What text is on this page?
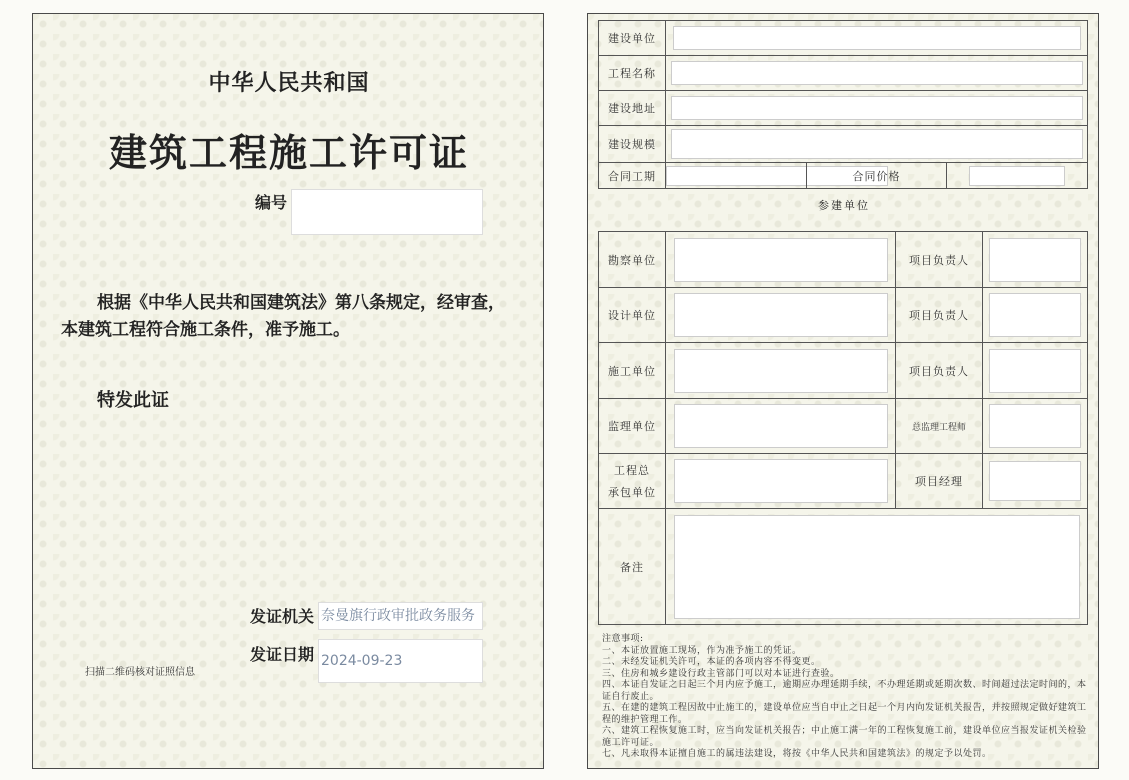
中华人民共和国
建筑工程施工许可证
编号
根据《中华人民共和国建筑法》第八条规定，经审查，本建筑工程符合施工条件，准予施工。
特发此证
发证机关 奈曼旗行政审批政务服务
发证日期 2024-09-23
扫描二维码核对证照信息
建设单位			

工程名称			

建设地址			

建设规模			

合同工期		合同价格	
参建单位
勘察单位		项目负责人	

设计单位		项目负责人	

施工单位		项目负责人	

监理单位		总监理工程师	

工程总
承包单位		项目经理	

备注			
注意事项:
一、本证放置施工现场，作为准予施工的凭证。
二、未经发证机关许可，本证的各项内容不得变更。
三、住房和城乡建设行政主管部门可以对本证进行查验。
四、本证自发证之日起三个月内应予施工，逾期应办理延期手续，不办理延期或延期次数、时间超过法定时间的，本证自行废止。
五、在建的建筑工程因故中止施工的，建设单位应当自中止之日起一个月内向发证机关报告，并按照规定做好建筑工程的维护管理工作。
六、建筑工程恢复施工时，应当向发证机关报告；中止施工满一年的工程恢复施工前，建设单位应当报发证机关检验施工许可证。
七、凡未取得本证擅自施工的属违法建设，将按《中华人民共和国建筑法》的规定予以处罚。
